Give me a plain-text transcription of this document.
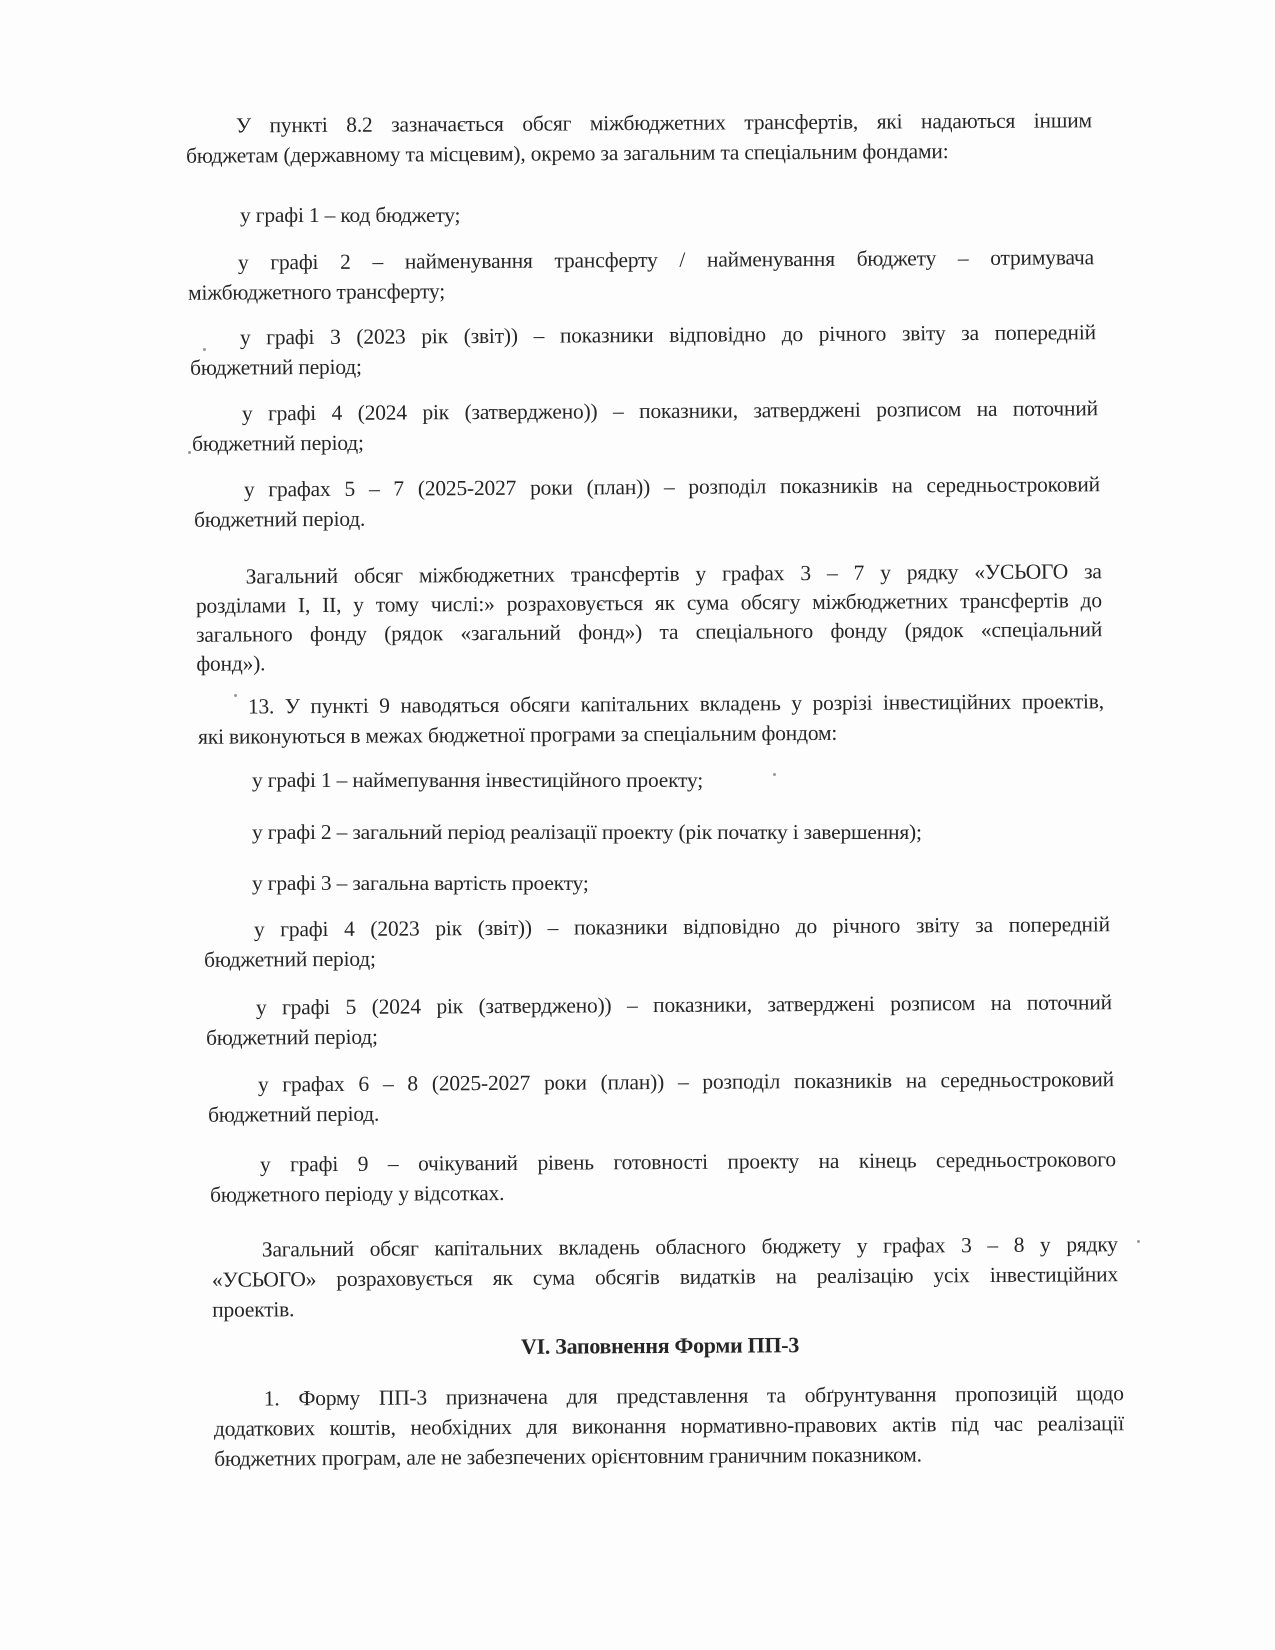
У пункті 8.2 зазначається обсяг міжбюджетних трансфертів, які надаються іншим
бюджетам (державному та місцевим), окремо за загальним та спеціальним фондами:
у графі 1 – код бюджету;
у графі 2 – найменування трансферту / найменування бюджету – отримувача
міжбюджетного трансферту;
у графі 3 (2023 рік (звіт)) – показники відповідно до річного звіту за попередній
бюджетний період;
у графі 4 (2024 рік (затверджено)) – показники, затверджені розписом на поточний
бюджетний період;
у графах 5 – 7 (2025-2027 роки (план)) – розподіл показників на середньостроковий
бюджетний період.
Загальний обсяг міжбюджетних трансфертів у графах 3 – 7 у рядку «УСЬОГО за
розділами І, ІІ, у тому числі:» розраховується як сума обсягу міжбюджетних трансфертів до
загального фонду (рядок «загальний фонд») та спеціального фонду (рядок «спеціальний
фонд»).
13. У пункті 9 наводяться обсяги капітальних вкладень у розрізі інвестиційних проектів,
які виконуються в межах бюджетної програми за спеціальним фондом:
у графі 1 – наймепування інвестиційного проекту;
у графі 2 – загальний період реалізації проекту (рік початку і завершення);
у графі 3 – загальна вартість проекту;
у графі 4 (2023 рік (звіт)) – показники відповідно до річного звіту за попередній
бюджетний період;
у графі 5 (2024 рік (затверджено)) – показники, затверджені розписом на поточний
бюджетний період;
у графах 6 – 8 (2025-2027 роки (план)) – розподіл показників на середньостроковий
бюджетний період.
у графі 9 – очікуваний рівень готовності проекту на кінець середньострокового
бюджетного періоду у відсотках.
Загальний обсяг капітальних вкладень обласного бюджету у графах 3 – 8 у рядку
«УСЬОГО» розраховується як сума обсягів видатків на реалізацію усіх інвестиційних
проектів.
VI. Заповнення Форми ПП-3
1. Форму ПП-3 призначена для представлення та обґрунтування пропозицій щодо
додаткових коштів, необхідних для виконання нормативно-правових актів під час реалізації
бюджетних програм, але не забезпечених орієнтовним граничним показником.
